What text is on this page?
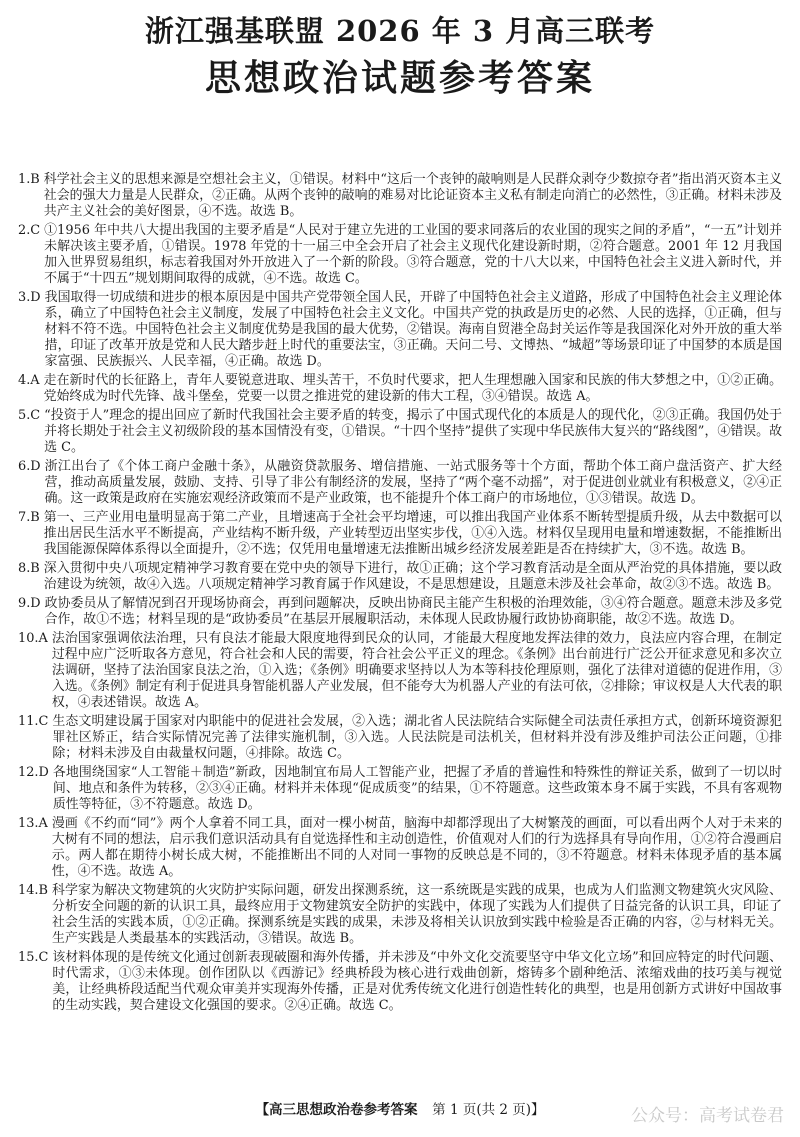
浙江强基联盟 2026 年 3 月高三联考
思想政治试题参考答案
1.B 科学社会主义的思想来源是空想社会主义，①错误。材料中“这后一个丧钟的敲响则是人民群众剥夺少数掠夺者”指出消灭资本主义社会的强大力量是人民群众，②正确。从两个丧钟的敲响的难易对比论证资本主义私有制走向消亡的必然性，③正确。材料未涉及共产主义社会的美好图景，④不选。故选 B。
2.C ①1956 年中共八大提出我国的主要矛盾是“人民对于建立先进的工业国的要求同落后的农业国的现实之间的矛盾”，“一五”计划并未解决该主要矛盾，①错误。1978 年党的十一届三中全会开启了社会主义现代化建设新时期，②符合题意。2001 年 12 月我国加入世界贸易组织，标志着我国对外开放进入了一个新的阶段。③符合题意，党的十八大以来，中国特色社会主义进入新时代，并不属于“十四五”规划期间取得的成就，④不选。故选 C。
3.D 我国取得一切成绩和进步的根本原因是中国共产党带领全国人民，开辟了中国特色社会主义道路，形成了中国特色社会主义理论体系，确立了中国特色社会主义制度，发展了中国特色社会主义文化。中国共产党的执政是历史的必然、人民的选择，①正确，但与材料不符不选。中国特色社会主义制度优势是我国的最大优势，②错误。海南自贸港全岛封关运作等是我国深化对外开放的重大举措，印证了改革开放是党和人民大踏步赶上时代的重要法宝，③正确。天问二号、文博热、“城超”等场景印证了中国梦的本质是国家富强、民族振兴、人民幸福，④正确。故选 D。
4.A 走在新时代的长征路上，青年人要锐意进取、埋头苦干，不负时代要求，把人生理想融入国家和民族的伟大梦想之中，①②正确。党始终成为时代先锋、战斗堡垒，党要一以贯之推进党的建设新的伟大工程，③④错误。故选 A。
5.C “投资于人”理念的提出回应了新时代我国社会主要矛盾的转变，揭示了中国式现代化的本质是人的现代化，②③正确。我国仍处于并将长期处于社会主义初级阶段的基本国情没有变，①错误。“十四个坚持”提供了实现中华民族伟大复兴的“路线图”，④错误。故选 C。
6.D 浙江出台了《个体工商户金融十条》，从融资贷款服务、增信措施、一站式服务等十个方面，帮助个体工商户盘活资产、扩大经营，推动高质量发展，鼓励、支持、引导了非公有制经济的发展，坚持了“两个毫不动摇”，对于促进创业就业有积极意义，②④正确。这一政策是政府在实施宏观经济政策而不是产业政策，也不能提升个体工商户的市场地位，①③错误。故选 D。
7.B 第一、三产业用电量明显高于第二产业，且增速高于全社会平均增速，可以推出我国产业体系不断转型提质升级，从去中数据可以推出居民生活水平不断提高，产业结构不断升级，产业转型迈出坚实步伐，①④入选。材料仅呈现用电量和增速数据，不能推断出我国能源保障体系得以全面提升，②不选；仅凭用电量增速无法推断出城乡经济发展差距是否在持续扩大，③不选。故选 B。
8.B 深入贯彻中央八项规定精神学习教育要在党中央的领导下进行，故①正确；这个学习教育活动是全面从严治党的具体措施，要以政治建设为统领，故④入选。八项规定精神学习教育属于作风建设，不是思想建设，且题意未涉及社会革命，故②③不选。故选 B。
9.D 政协委员从了解情况到召开现场协商会，再到问题解决，反映出协商民主能产生积极的治理效能，③④符合题意。题意未涉及多党合作，故①不选；材料呈现的是“政协委员”在基层开展履职活动，未体现人民政协履行政协协商职能，故②不选。故选 D。
10.A 法治国家强调依法治理，只有良法才能最大限度地得到民众的认同，才能最大程度地发挥法律的效力，良法应内容合理，在制定过程中应广泛听取各方意见，符合社会和人民的需要，符合社会公平正义的理念。《条例》出台前进行广泛公开征求意见和多次立法调研，坚持了法治国家良法之治，①入选；《条例》明确要求坚持以人为本等科技伦理原则，强化了法律对道德的促进作用，③入选。《条例》制定有利于促进具身智能机器人产业发展，但不能夸大为机器人产业的有法可依，②排除；审议权是人大代表的职权，④表述错误。故选 A。
11.C 生态文明建设属于国家对内职能中的促进社会发展，②入选；湖北省人民法院结合实际健全司法责任承担方式，创新环境资源犯罪社区矫正，结合实际情况完善了法律实施机制，③入选。人民法院是司法机关，但材料并没有涉及维护司法公正问题，①排除；材料未涉及自由裁量权问题，④排除。故选 C。
12.D 各地围绕国家“人工智能＋制造”新政，因地制宜布局人工智能产业，把握了矛盾的普遍性和特殊性的辩证关系，做到了一切以时间、地点和条件为转移，②③④正确。材料并未体现“促成质变”的结果，①不符题意。这些政策本身不属于实践，不具有客观物质性等特征，③不符题意。故选 D。
13.A 漫画《不约而“同”》两个人拿着不同工具，面对一棵小树苗，脑海中却都浮现出了大树繁茂的画面，可以看出两个人对于未来的大树有不同的想法，启示我们意识活动具有自觉选择性和主动创造性，价值观对人们的行为选择具有导向作用，①②符合漫画启示。两人都在期待小树长成大树，不能推断出不同的人对同一事物的反映总是不同的，③不符题意。材料未体现矛盾的基本属性，④不选。故选 A。
14.B 科学家为解决文物建筑的火灾防护实际问题，研发出探测系统，这一系统既是实践的成果，也成为人们监测文物建筑火灾风险、分析安全问题的新的认识工具，最终应用于文物建筑安全防护的实践中，体现了实践为人们提供了日益完备的认识工具，印证了社会生活的实践本质，①②正确。探测系统是实践的成果，未涉及将相关认识放到实践中检验是否正确的内容，②与材料无关。生产实践是人类最基本的实践活动，③错误。故选 B。
15.C 该材料体现的是传统文化通过创新表现破圈和海外传播，并未涉及“中外文化交流要坚守中华文化立场”和回应特定的时代问题、时代需求，①③未体现。创作团队以《西游记》经典桥段为核心进行戏曲创新，熔铸多个剧种绝活、浓缩戏曲的技巧美与视觉美，让经典桥段适配当代观众审美并实现海外传播，正是对优秀传统文化进行创造性转化的典型，也是用创新方式讲好中国故事的生动实践，契合建设文化强国的要求。②④正确。故选 C。
【高三思想政治卷参考答案 第 1 页(共 2 页)】	公众号：高考试卷君
